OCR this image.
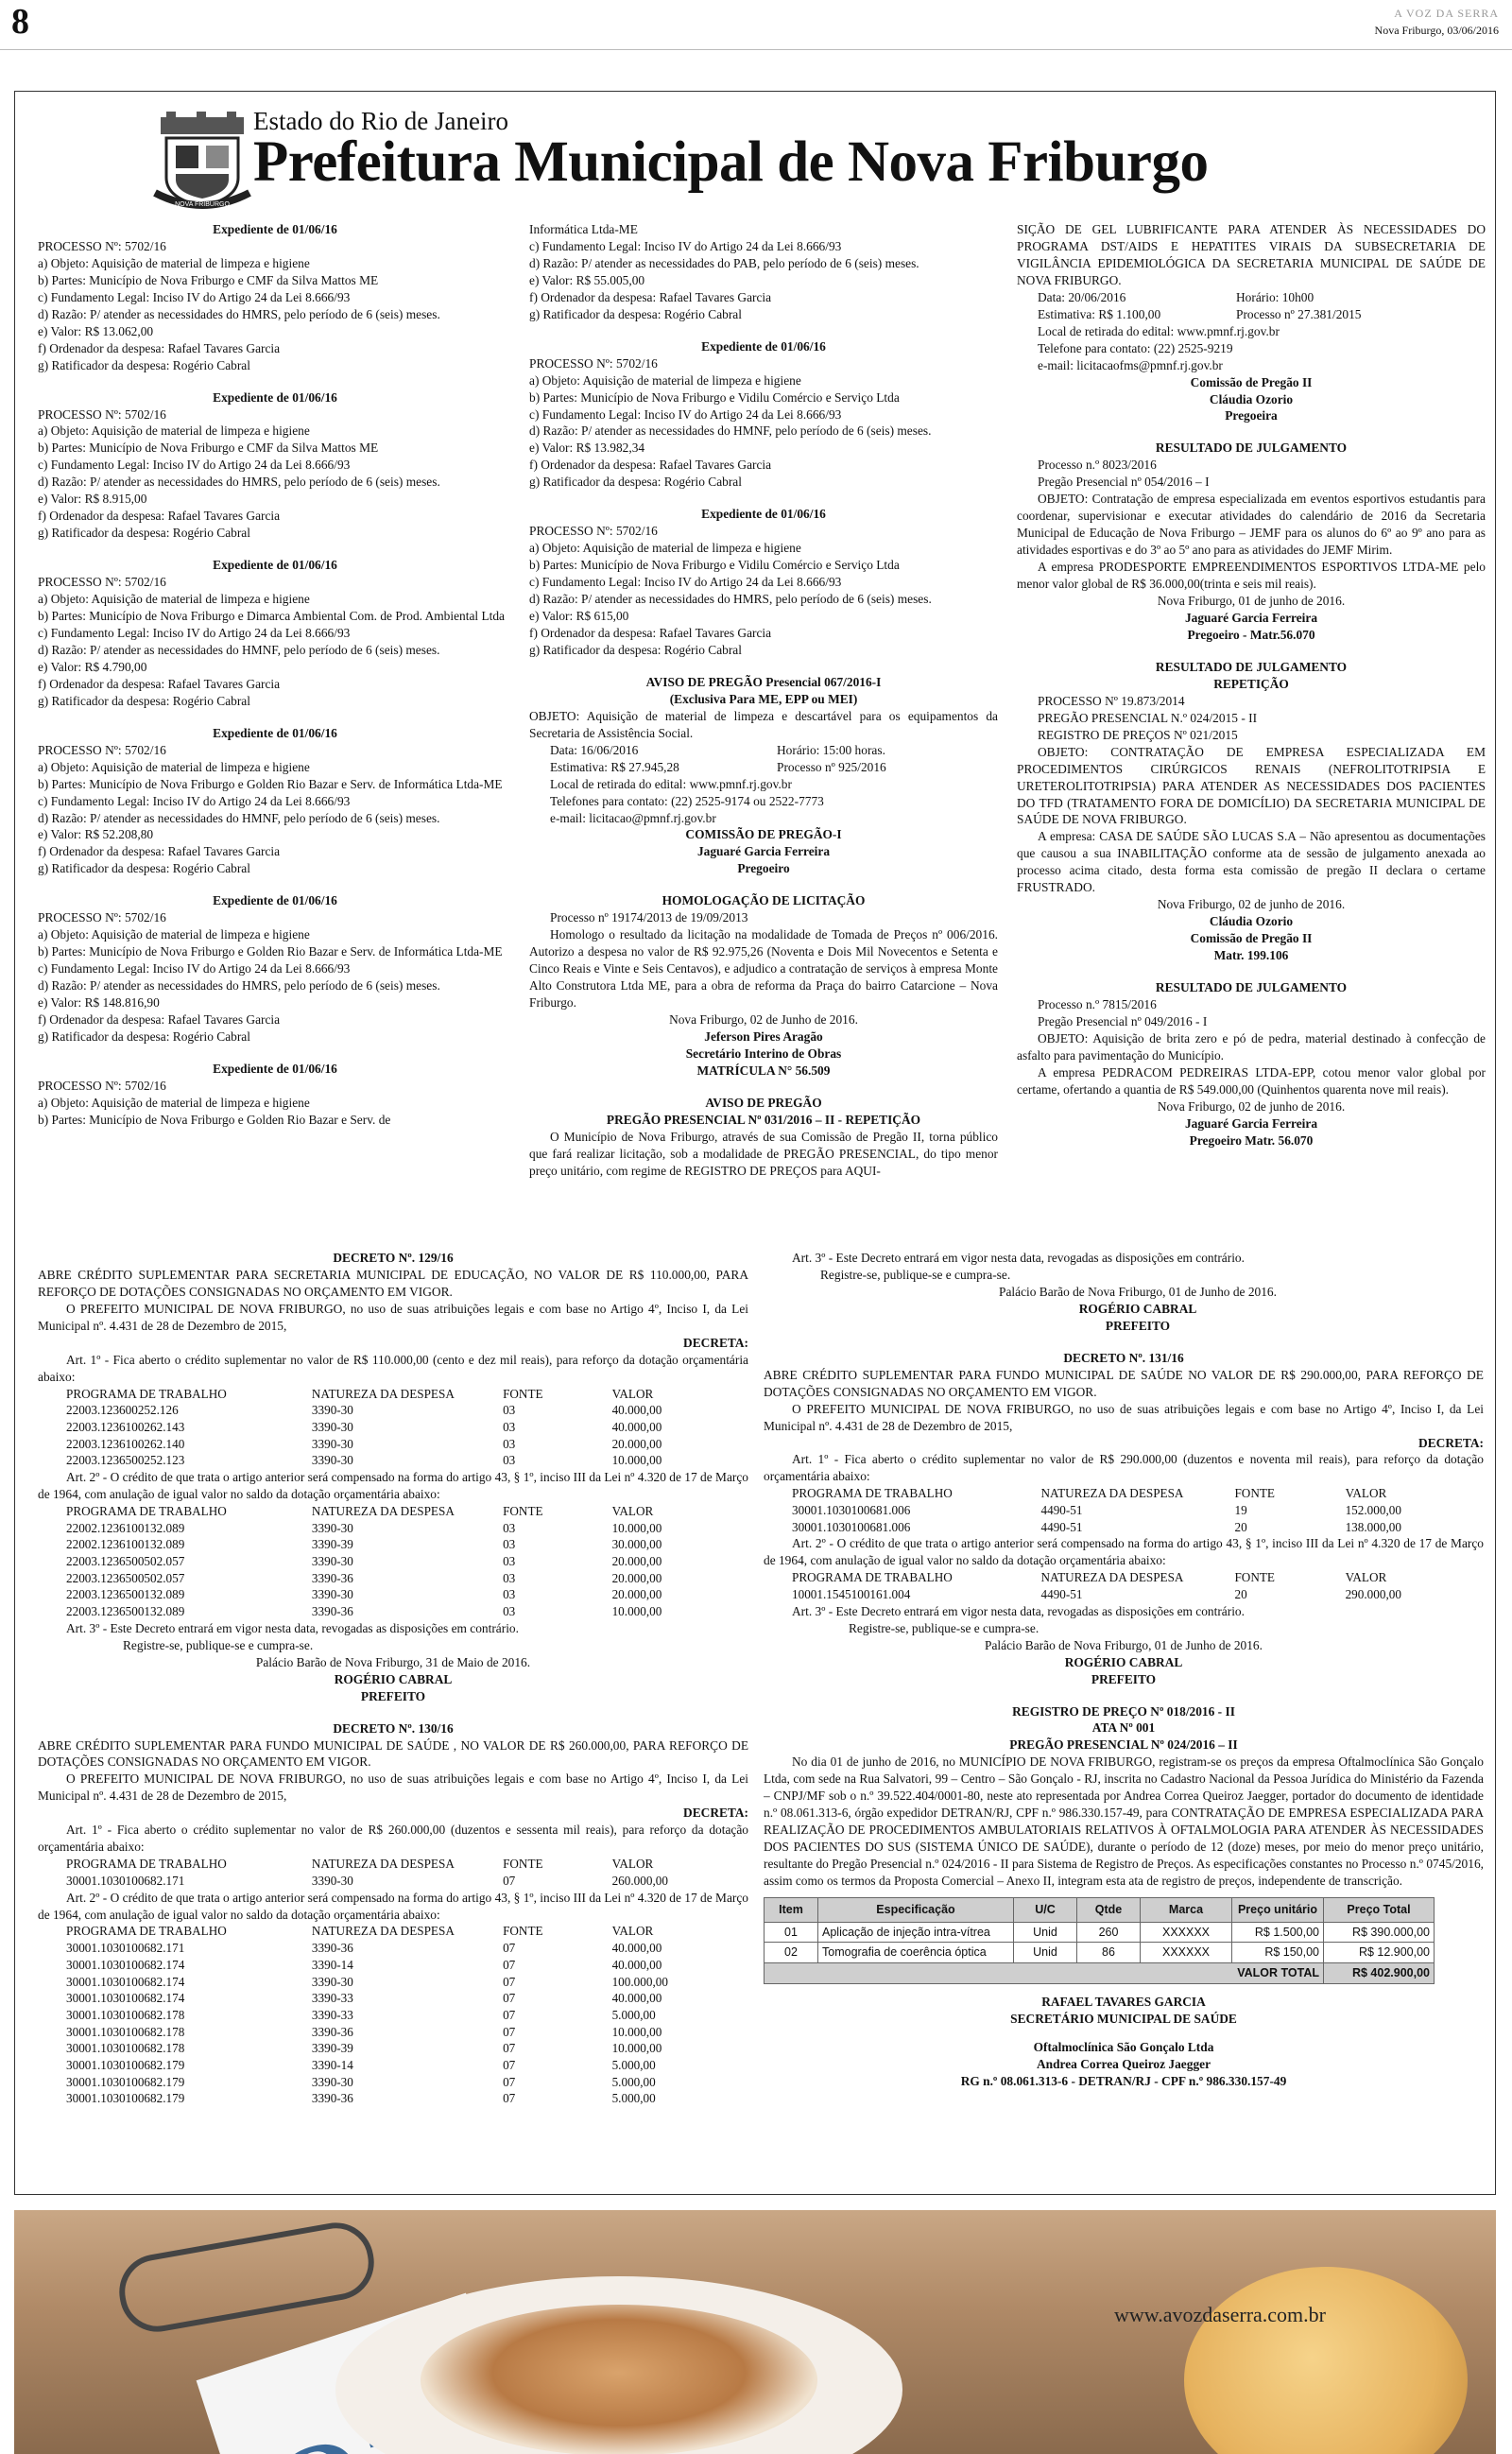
8	A VOZ DA SERRA
Nova Friburgo, 03/06/2016
NOVA FRIBURGO
Estado do Rio de Janeiro
Prefeitura Municipal de Nova Friburgo

Expediente de 01/06/16

PROCESSO Nº: 5702/16

a) Objeto: Aquisição de material de limpeza e higiene

b) Partes: Município de Nova Friburgo e CMF da Silva Mattos ME

c) Fundamento Legal: Inciso IV do Artigo 24 da Lei 8.666/93

d) Razão: P/ atender as necessidades do HMRS, pelo período de 6 (seis) meses.

e) Valor: R$ 13.062,00

f) Ordenador da despesa: Rafael Tavares Garcia

g) Ratificador da despesa: Rogério Cabral

Expediente de 01/06/16

PROCESSO Nº: 5702/16

a) Objeto: Aquisição de material de limpeza e higiene

b) Partes: Município de Nova Friburgo e CMF da Silva Mattos ME

c) Fundamento Legal: Inciso IV do Artigo 24 da Lei 8.666/93

d) Razão: P/ atender as necessidades do HMRS, pelo período de 6 (seis) meses.

e) Valor: R$ 8.915,00

f) Ordenador da despesa: Rafael Tavares Garcia

g) Ratificador da despesa: Rogério Cabral

Expediente de 01/06/16

PROCESSO Nº: 5702/16

a) Objeto: Aquisição de material de limpeza e higiene

b) Partes: Município de Nova Friburgo e Dimarca Ambiental Com. de Prod. Ambiental Ltda

c) Fundamento Legal: Inciso IV do Artigo 24 da Lei 8.666/93

d) Razão: P/ atender as necessidades do HMNF, pelo período de 6 (seis) meses.

e) Valor: R$ 4.790,00

f) Ordenador da despesa: Rafael Tavares Garcia

g) Ratificador da despesa: Rogério Cabral

Expediente de 01/06/16

PROCESSO Nº: 5702/16

a) Objeto: Aquisição de material de limpeza e higiene

b) Partes: Município de Nova Friburgo e Golden Rio Bazar e Serv. de Informática Ltda-ME

c) Fundamento Legal: Inciso IV do Artigo 24 da Lei 8.666/93

d) Razão: P/ atender as necessidades do HMNF, pelo período de 6 (seis) meses.

e) Valor: R$ 52.208,80

f) Ordenador da despesa: Rafael Tavares Garcia

g) Ratificador da despesa: Rogério Cabral

Expediente de 01/06/16

PROCESSO Nº: 5702/16

a) Objeto: Aquisição de material de limpeza e higiene

b) Partes: Município de Nova Friburgo e Golden Rio Bazar e Serv. de Informática Ltda-ME

c) Fundamento Legal: Inciso IV do Artigo 24 da Lei 8.666/93

d) Razão: P/ atender as necessidades do HMRS, pelo período de 6 (seis) meses.

e) Valor: R$ 148.816,90

f) Ordenador da despesa: Rafael Tavares Garcia

g) Ratificador da despesa: Rogério Cabral

Expediente de 01/06/16

PROCESSO Nº: 5702/16

a) Objeto: Aquisição de material de limpeza e higiene

b) Partes: Município de Nova Friburgo e Golden Rio Bazar e Serv. de

Informática Ltda-ME

c) Fundamento Legal: Inciso IV do Artigo 24 da Lei 8.666/93

d) Razão: P/ atender as necessidades do PAB, pelo período de 6 (seis) meses.

e) Valor: R$ 55.005,00

f) Ordenador da despesa: Rafael Tavares Garcia

g) Ratificador da despesa: Rogério Cabral

Expediente de 01/06/16

PROCESSO Nº: 5702/16

a) Objeto: Aquisição de material de limpeza e higiene

b) Partes: Município de Nova Friburgo e Vidilu Comércio e Serviço Ltda

c) Fundamento Legal: Inciso IV do Artigo 24 da Lei 8.666/93

d) Razão: P/ atender as necessidades do HMNF, pelo período de 6 (seis) meses.

e) Valor: R$ 13.982,34

f) Ordenador da despesa: Rafael Tavares Garcia

g) Ratificador da despesa: Rogério Cabral

Expediente de 01/06/16

PROCESSO Nº: 5702/16

a) Objeto: Aquisição de material de limpeza e higiene

b) Partes: Município de Nova Friburgo e Vidilu Comércio e Serviço Ltda

c) Fundamento Legal: Inciso IV do Artigo 24 da Lei 8.666/93

d) Razão: P/ atender as necessidades do HMRS, pelo período de 6 (seis) meses.

e) Valor: R$ 615,00

f) Ordenador da despesa: Rafael Tavares Garcia

g) Ratificador da despesa: Rogério Cabral

AVISO DE PREGÃO Presencial 067/2016-I

(Exclusiva Para ME, EPP ou MEI)

OBJETO: Aquisição de material de limpeza e descartável para os equipamentos da Secretaria de Assistência Social.

Data: 16/06/2016	Horário: 15:00 horas.

Estimativa: R$ 27.945,28	Processo nº 925/2016

Local de retirada do edital: www.pmnf.rj.gov.br

Telefones para contato: (22) 2525-9174 ou 2522-7773

e-mail: licitacao@pmnf.rj.gov.br

COMISSÃO DE PREGÃO-I

Jaguaré Garcia Ferreira

Pregoeiro

HOMOLOGAÇÃO DE LICITAÇÃO

Processo nº 19174/2013 de 19/09/2013

Homologo o resultado da licitação na modalidade de Tomada de Preços nº 006/2016. Autorizo a despesa no valor de R$ 92.975,26 (Noventa e Dois Mil Novecentos e Setenta e Cinco Reais e Vinte e Seis Centavos), e adjudico a contratação de serviços à empresa Monte Alto Construtora Ltda ME, para a obra de reforma da Praça do bairro Catarcione – Nova Friburgo.

Nova Friburgo, 02 de Junho de 2016.

Jeferson Pires Aragão

Secretário Interino de Obras

MATRÍCULA N° 56.509

AVISO DE PREGÃO

PREGÃO PRESENCIAL Nº 031/2016 – II - REPETIÇÃO

O Município de Nova Friburgo, através de sua Comissão de Pregão II, torna público que fará realizar licitação, sob a modalidade de PREGÃO PRESENCIAL, do tipo menor preço unitário, com regime de REGISTRO DE PREÇOS para AQUI-

SIÇÃO DE GEL LUBRIFICANTE PARA ATENDER ÀS NECESSIDADES DO PROGRAMA DST/AIDS E HEPATITES VIRAIS DA SUBSECRETARIA DE VIGILÂNCIA EPIDEMIOLÓGICA DA SECRETARIA MUNICIPAL DE SAÚDE DE NOVA FRIBURGO.

Data: 20/06/2016	Horário: 10h00

Estimativa: R$ 1.100,00	Processo nº 27.381/2015

Local de retirada do edital: www.pmnf.rj.gov.br

Telefone para contato: (22) 2525-9219

e-mail: licitacaofms@pmnf.rj.gov.br

Comissão de Pregão II

Cláudia Ozorio

Pregoeira

RESULTADO DE JULGAMENTO

Processo n.º 8023/2016

Pregão Presencial nº 054/2016 – I

OBJETO: Contratação de empresa especializada em eventos esportivos estudantis para coordenar, supervisionar e executar atividades do calendário de 2016 da Secretaria Municipal de Educação de Nova Friburgo – JEMF para os alunos do 6º ao 9º ano para as atividades esportivas e do 3º ao 5º ano para as atividades do JEMF Mirim.

A empresa PRODESPORTE EMPREENDIMENTOS ESPORTIVOS LTDA-ME pelo menor valor global de R$ 36.000,00(trinta e seis mil reais).

Nova Friburgo, 01 de junho de 2016.

Jaguaré Garcia Ferreira

Pregoeiro - Matr.56.070

RESULTADO DE JULGAMENTO

REPETIÇÃO

PROCESSO Nº 19.873/2014

PREGÃO PRESENCIAL N.º 024/2015 - II

REGISTRO DE PREÇOS Nº 021/2015

OBJETO: CONTRATAÇÃO DE EMPRESA ESPECIALIZADA EM PROCEDIMENTOS CIRÚRGICOS RENAIS (NEFROLITOTRIPSIA E URETEROLITOTRIPSIA) PARA ATENDER AS NECESSIDADES DOS PACIENTES DO TFD (TRATAMENTO FORA DE DOMICÍLIO) DA SECRETARIA MUNICIPAL DE SAÚDE DE NOVA FRIBURGO.

A empresa: CASA DE SAÚDE SÃO LUCAS S.A – Não apresentou as documentações que causou a sua INABILITAÇÃO conforme ata de sessão de julgamento anexada ao processo acima citado, desta forma esta comissão de pregão II declara o certame FRUSTRADO.

Nova Friburgo, 02 de junho de 2016.

Cláudia Ozorio

Comissão de Pregão II

Matr. 199.106

RESULTADO DE JULGAMENTO

Processo n.º 7815/2016

Pregão Presencial nº 049/2016 - I

OBJETO: Aquisição de brita zero e pó de pedra, material destinado à confecção de asfalto para pavimentação do Município.

A empresa PEDRACOM PEDREIRAS LTDA-EPP, cotou menor valor global por certame, ofertando a quantia de R$ 549.000,00 (Quinhentos quarenta nove mil reais).

Nova Friburgo, 02 de junho de 2016.

Jaguaré Garcia Ferreira

Pregoeiro Matr. 56.070

DECRETO Nº. 129/16

ABRE CRÉDITO SUPLEMENTAR PARA SECRETARIA MUNICIPAL DE EDUCAÇÃO, NO VALOR DE R$ 110.000,00, PARA REFORÇO DE DOTAÇÕES CONSIGNADAS NO ORÇAMENTO EM VIGOR.

O PREFEITO MUNICIPAL DE NOVA FRIBURGO, no uso de suas atribuições legais e com base no Artigo 4º, Inciso I, da Lei Municipal nº. 4.431 de 28 de Dezembro de 2015,

DECRETA:

Art. 1º - Fica aberto o crédito suplementar no valor de R$ 110.000,00 (cento e dez mil reais), para reforço da dotação orçamentária abaixo:

PROGRAMA DE TRABALHO	NATUREZA DA DESPESA	FONTE	VALOR
22003.123600252.126	3390-30	03	40.000,00
22003.1236100262.143	3390-30	03	40.000,00
22003.1236100262.140	3390-30	03	20.000,00
22003.1236500252.123	3390-30	03	10.000,00

Art. 2º - O crédito de que trata o artigo anterior será compensado na forma do artigo 43, § 1º, inciso III da Lei nº 4.320 de 17 de Março de 1964, com anulação de igual valor no saldo da dotação orçamentária abaixo:

PROGRAMA DE TRABALHO	NATUREZA DA DESPESA	FONTE	VALOR
22002.1236100132.089	3390-30	03	10.000,00
22002.1236100132.089	3390-39	03	30.000,00
22003.1236500502.057	3390-30	03	20.000,00
22003.1236500502.057	3390-36	03	20.000,00
22003.1236500132.089	3390-30	03	20.000,00
22003.1236500132.089	3390-36	03	10.000,00

Art. 3º - Este Decreto entrará em vigor nesta data, revogadas as disposições em contrário.

Registre-se, publique-se e cumpra-se.

Palácio Barão de Nova Friburgo, 31 de Maio de 2016.

ROGÉRIO CABRAL

PREFEITO

DECRETO Nº. 130/16

ABRE CRÉDITO SUPLEMENTAR PARA FUNDO MUNICIPAL DE SAÚDE , NO VALOR DE R$ 260.000,00, PARA REFORÇO DE DOTAÇÕES CONSIGNADAS NO ORÇAMENTO EM VIGOR.

O PREFEITO MUNICIPAL DE NOVA FRIBURGO, no uso de suas atribuições legais e com base no Artigo 4º, Inciso I, da Lei Municipal nº. 4.431 de 28 de Dezembro de 2015,

DECRETA:

Art. 1º - Fica aberto o crédito suplementar no valor de R$ 260.000,00 (duzentos e sessenta mil reais), para reforço da dotação orçamentária abaixo:

PROGRAMA DE TRABALHO	NATUREZA DA DESPESA	FONTE	VALOR
30001.1030100682.171	3390-30	07	260.000,00

Art. 2º - O crédito de que trata o artigo anterior será compensado na forma do artigo 43, § 1º, inciso III da Lei nº 4.320 de 17 de Março de 1964, com anulação de igual valor no saldo da dotação orçamentária abaixo:

PROGRAMA DE TRABALHO	NATUREZA DA DESPESA	FONTE	VALOR
30001.1030100682.171	3390-36	07	40.000,00
30001.1030100682.174	3390-14	07	40.000,00
30001.1030100682.174	3390-30	07	100.000,00
30001.1030100682.174	3390-33	07	40.000,00
30001.1030100682.178	3390-33	07	5.000,00
30001.1030100682.178	3390-36	07	10.000,00
30001.1030100682.178	3390-39	07	10.000,00
30001.1030100682.179	3390-14	07	5.000,00
30001.1030100682.179	3390-30	07	5.000,00
30001.1030100682.179	3390-36	07	5.000,00

Art. 3º - Este Decreto entrará em vigor nesta data, revogadas as disposições em contrário.

Registre-se, publique-se e cumpra-se.

Palácio Barão de Nova Friburgo, 01 de Junho de 2016.

ROGÉRIO CABRAL

PREFEITO

DECRETO Nº. 131/16

ABRE CRÉDITO SUPLEMENTAR PARA FUNDO MUNICIPAL DE SAÚDE NO VALOR DE R$ 290.000,00, PARA REFORÇO DE DOTAÇÕES CONSIGNADAS NO ORÇAMENTO EM VIGOR.

O PREFEITO MUNICIPAL DE NOVA FRIBURGO, no uso de suas atribuições legais e com base no Artigo 4º, Inciso I, da Lei Municipal nº. 4.431 de 28 de Dezembro de 2015,

DECRETA:

Art. 1º - Fica aberto o crédito suplementar no valor de R$ 290.000,00 (duzentos e noventa mil reais), para reforço da dotação orçamentária abaixo:

PROGRAMA DE TRABALHO	NATUREZA DA DESPESA	FONTE	VALOR
30001.1030100681.006	4490-51	19	152.000,00
30001.1030100681.006	4490-51	20	138.000,00

Art. 2º - O crédito de que trata o artigo anterior será compensado na forma do artigo 43, § 1º, inciso III da Lei nº 4.320 de 17 de Março de 1964, com anulação de igual valor no saldo da dotação orçamentária abaixo:

PROGRAMA DE TRABALHO	NATUREZA DA DESPESA	FONTE	VALOR
10001.1545100161.004	4490-51	20	290.000,00

Art. 3º - Este Decreto entrará em vigor nesta data, revogadas as disposições em contrário.

Registre-se, publique-se e cumpra-se.

Palácio Barão de Nova Friburgo, 01 de Junho de 2016.

ROGÉRIO CABRAL

PREFEITO

REGISTRO DE PREÇO Nº 018/2016 - II

ATA Nº 001

PREGÃO PRESENCIAL Nº 024/2016 – II

No dia 01 de junho de 2016, no MUNICÍPIO DE NOVA FRIBURGO, registram-se os preços da empresa Oftalmoclínica São Gonçalo Ltda, com sede na Rua Salvatori, 99 – Centro – São Gonçalo - RJ, inscrita no Cadastro Nacional da Pessoa Jurídica do Ministério da Fazenda – CNPJ/MF sob o n.º 39.522.404/0001-80, neste ato representada por Andrea Correa Queiroz Jaegger, portador do documento de identidade n.º 08.061.313-6, órgão expedidor DETRAN/RJ, CPF n.º 986.330.157-49, para CONTRATAÇÃO DE EMPRESA ESPECIALIZADA PARA REALIZAÇÃO DE PROCEDIMENTOS AMBULATORIAIS RELATIVOS À OFTALMOLOGIA PARA ATENDER ÀS NECESSIDADES DOS PACIENTES DO SUS (SISTEMA ÚNICO DE SAÚDE), durante o período de 12 (doze) meses, por meio do menor preço unitário, resultante do Pregão Presencial n.º 024/2016 - II para Sistema de Registro de Preços. As especificações constantes no Processo n.º 0745/2016, assim como os termos da Proposta Comercial – Anexo II, integram esta ata de registro de preços, independente de transcrição.

Item	Especificação	U/C	Qtde	Marca	Preço unitário	Preço Total
01	Aplicação de injeção intra-vítrea	Unid	260	XXXXXX	R$ 1.500,00	R$ 390.000,00
02	Tomografia de coerência óptica	Unid	86	XXXXXX	R$ 150,00	R$ 12.900,00
VALOR TOTAL						R$ 402.900,00

RAFAEL TAVARES GARCIA

SECRETÁRIO MUNICIPAL DE SAÚDE

Oftalmoclínica São Gonçalo Ltda

Andrea Correa Queiroz Jaegger

RG n.º 08.061.313-6 - DETRAN/RJ - CPF n.º 986.330.157-49

www.avozdaserra.com.br
